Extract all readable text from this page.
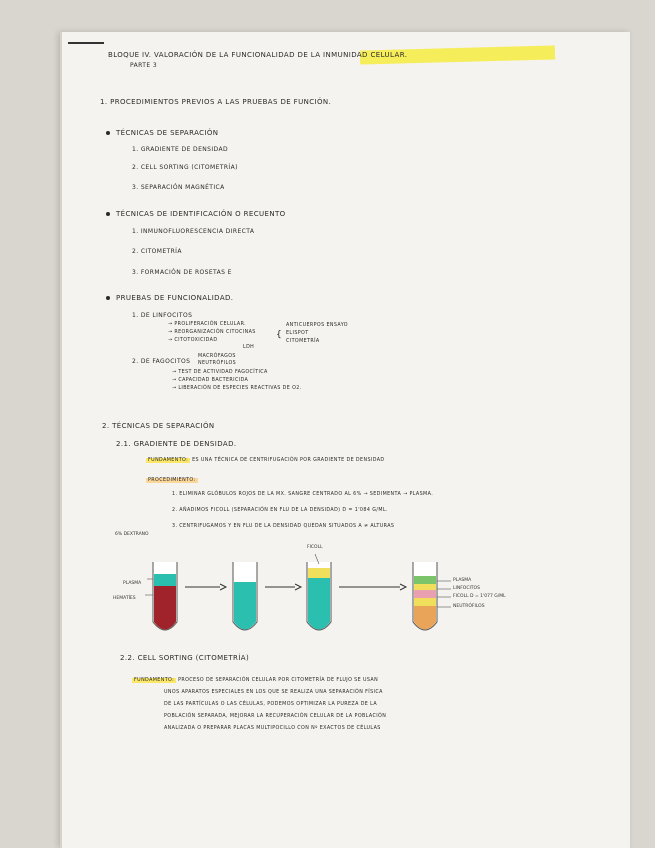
BLOQUE IV. VALORACIÓN DE LA FUNCIONALIDAD DE LA INMUNIDAD CELULAR.
PARTE 3
1. PROCEDIMIENTOS PREVIOS A LAS PRUEBAS DE FUNCIÓN.
TÉCNICAS DE SEPARACIÓN
1. GRADIENTE DE DENSIDAD
2. CELL SORTING (CITOMETRÍA)
3. SEPARACIÓN MAGNÉTICA
TÉCNICAS DE IDENTIFICACIÓN O RECUENTO
1. INMUNOFLUORESCENCIA DIRECTA
2. CITOMETRÍA
3. FORMACIÓN DE ROSETAS E
PRUEBAS DE FUNCIONALIDAD.
1. DE LINFOCITOS
→ PROLIFERACIÓN CELULAR.
→ REORGANIZACIÓN CITOCINAS
→ CITOTOXICIDAD
LDH
{
ANTICUERPOS ENSAYO
ELISPOT
CITOMETRÍA
2. DE FAGOCITOS
MACRÓFAGOS
NEUTRÓFILOS
→ TEST DE ACTIVIDAD FAGOCÍTICA
→ CAPACIDAD BACTERICIDA
→ LIBERACIÓN DE ESPECIES REACTIVAS DE O2.
2. TÉCNICAS DE SEPARACIÓN
2.1. GRADIENTE DE DENSIDAD.
FUNDAMENTO: ES UNA TÉCNICA DE CENTRIFUGACIÓN POR GRADIENTE DE DENSIDAD
PROCEDIMIENTO:
1. ELIMINAR GLÓBULOS ROJOS DE LA MX. SANGRE CENTRADO AL 6% → SEDIMENTA → PLASMA.
2. AÑADIMOS FICOLL (SEPARACIÓN EN FLU DE LA DENSIDAD) D = 1'084 G/ML.
3. CENTRIFUGAMOS Y EN FLU DE LA DENSIDAD QUEDAN SITUADOS A ≠ ALTURAS
6% DEXTRANO
PLASMA
HEMATÍES
FICOLL
PLASMA
LINFOCITOS
FICOLL D = 1'077 G/ML
NEUTRÓFILOS
2.2. CELL SORTING (CITOMETRÍA)
FUNDAMENTO: PROCESO DE SEPARACIÓN CELULAR POR CITOMETRÍA DE FLUJO SE USAN
UNOS APARATOS ESPECIALES EN LOS QUE SE REALIZA UNA SEPARACIÓN FÍSICA
DE LAS PARTÍCULAS O LAS CÉLULAS, PODEMOS OPTIMIZAR LA PUREZA DE LA
POBLACIÓN SEPARADA, MEJORAR LA RECUPERACIÓN CELULAR DE LA POBLACIÓN
ANALIZADA O PREPARAR PLACAS MULTIPOCILLO CON Nº EXACTOS DE CÉLULAS
